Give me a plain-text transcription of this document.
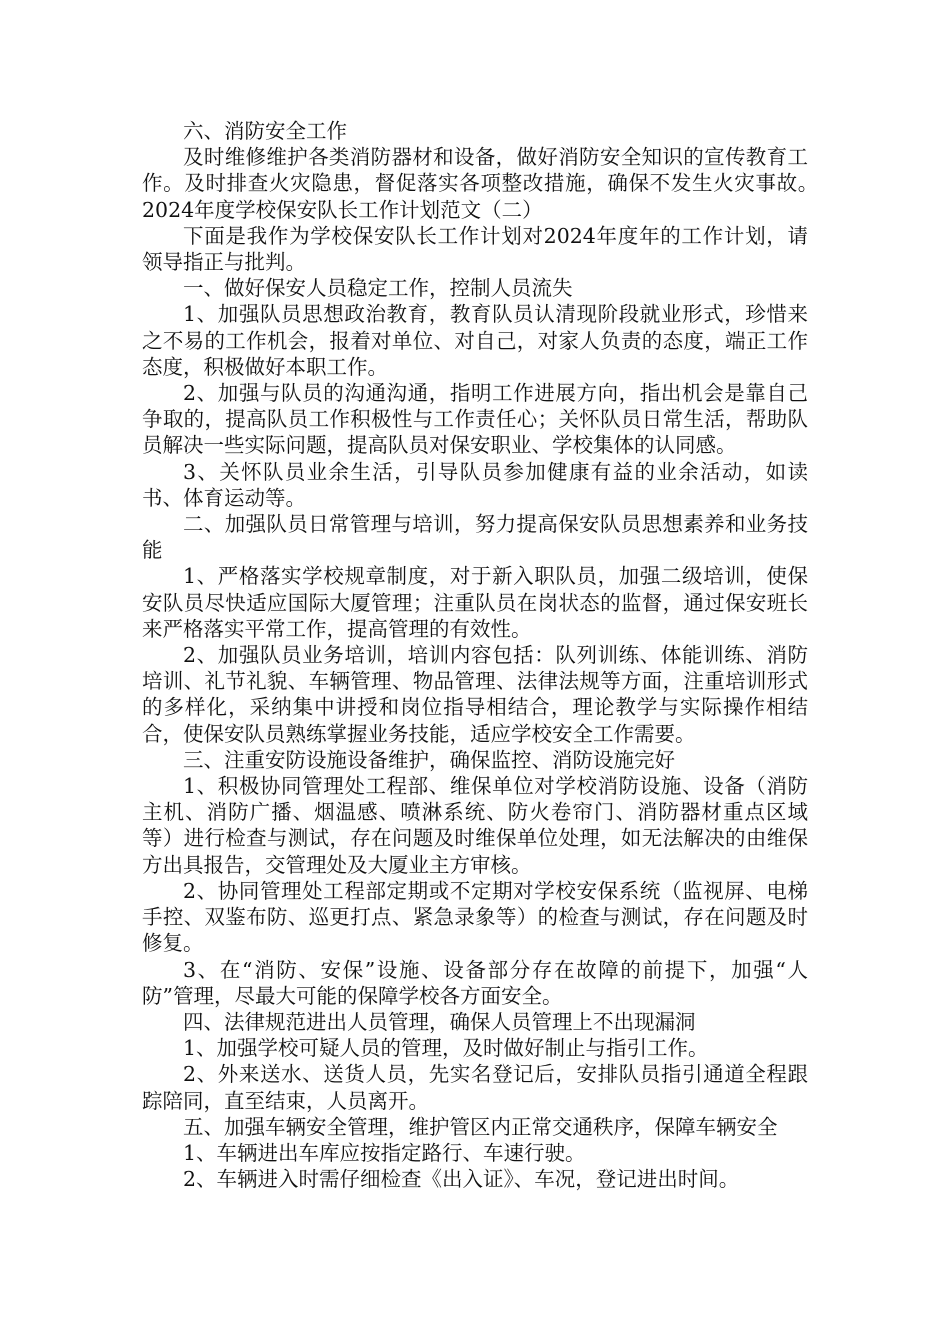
六、消防安全工作

及时维修维护各类消防器材和设备，做好消防安全知识的宣传教育工作。及时排查火灾隐患，督促落实各项整改措施，确保不发生火灾事故。　　2024年度学校保安队长工作计划范文（二）

下面是我作为学校保安队长工作计划对2024年度年的工作计划，请领导指正与批判。

一、做好保安人员稳定工作，控制人员流失

1、加强队员思想政治教育，教育队员认清现阶段就业形式，珍惜来之不易的工作机会，报着对单位、对自己，对家人负责的态度，端正工作态度，积极做好本职工作。

2、加强与队员的沟通沟通，指明工作进展方向，指出机会是靠自己争取的，提高队员工作积极性与工作责任心；关怀队员日常生活，帮助队员解决一些实际问题，提高队员对保安职业、学校集体的认同感。

3、关怀队员业余生活，引导队员参加健康有益的业余活动，如读书、体育运动等。

二、加强队员日常管理与培训，努力提高保安队员思想素养和业务技能

1、严格落实学校规章制度，对于新入职队员，加强二级培训，使保安队员尽快适应国际大厦管理；注重队员在岗状态的监督，通过保安班长来严格落实平常工作，提高管理的有效性。

2、加强队员业务培训，培训内容包括：队列训练、体能训练、消防培训、礼节礼貌、车辆管理、物品管理、法律法规等方面，注重培训形式的多样化，采纳集中讲授和岗位指导相结合，理论教学与实际操作相结合，使保安队员熟练掌握业务技能，适应学校安全工作需要。

三、注重安防设施设备维护，确保监控、消防设施完好

1、积极协同管理处工程部、维保单位对学校消防设施、设备（消防主机、消防广播、烟温感、喷淋系统、防火卷帘门、消防器材重点区域等）进行检查与测试，存在问题及时维保单位处理，如无法解决的由维保方出具报告，交管理处及大厦业主方审核。

2、协同管理处工程部定期或不定期对学校安保系统（监视屏、电梯手控、双鉴布防、巡更打点、紧急录象等）的检查与测试，存在问题及时修复。

3、在“消防、安保”设施、设备部分存在故障的前提下，加强“人防”管理，尽最大可能的保障学校各方面安全。

四、法律规范进出人员管理，确保人员管理上不出现漏洞

1、加强学校可疑人员的管理，及时做好制止与指引工作。

2、外来送水、送货人员，先实名登记后，安排队员指引通道全程跟踪陪同，直至结束，人员离开。

五、加强车辆安全管理，维护管区内正常交通秩序，保障车辆安全

1、车辆进出车库应按指定路行、车速行驶。

2、车辆进入时需仔细检查《出入证》、车况，登记进出时间。
